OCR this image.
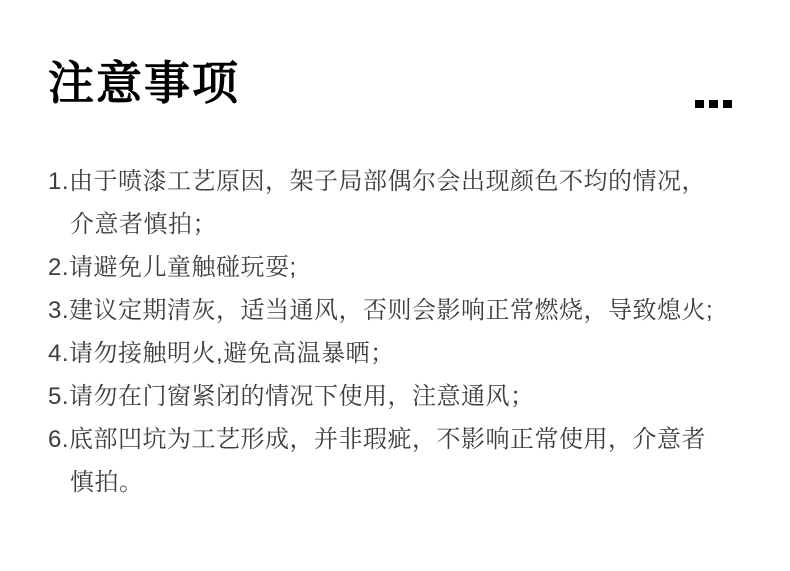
注意事项
1.由于喷漆工艺原因，架子局部偶尔会出现颜色不均的情况，
介意者慎拍；
2.请避免儿童触碰玩耍;
3.建议定期清灰，适当通风，否则会影响正常燃烧，导致熄火;
4.请勿接触明火,避免高温暴晒；
5.请勿在门窗紧闭的情况下使用，注意通风；
6.底部凹坑为工艺形成，并非瑕疵，不影响正常使用，介意者
慎拍。
